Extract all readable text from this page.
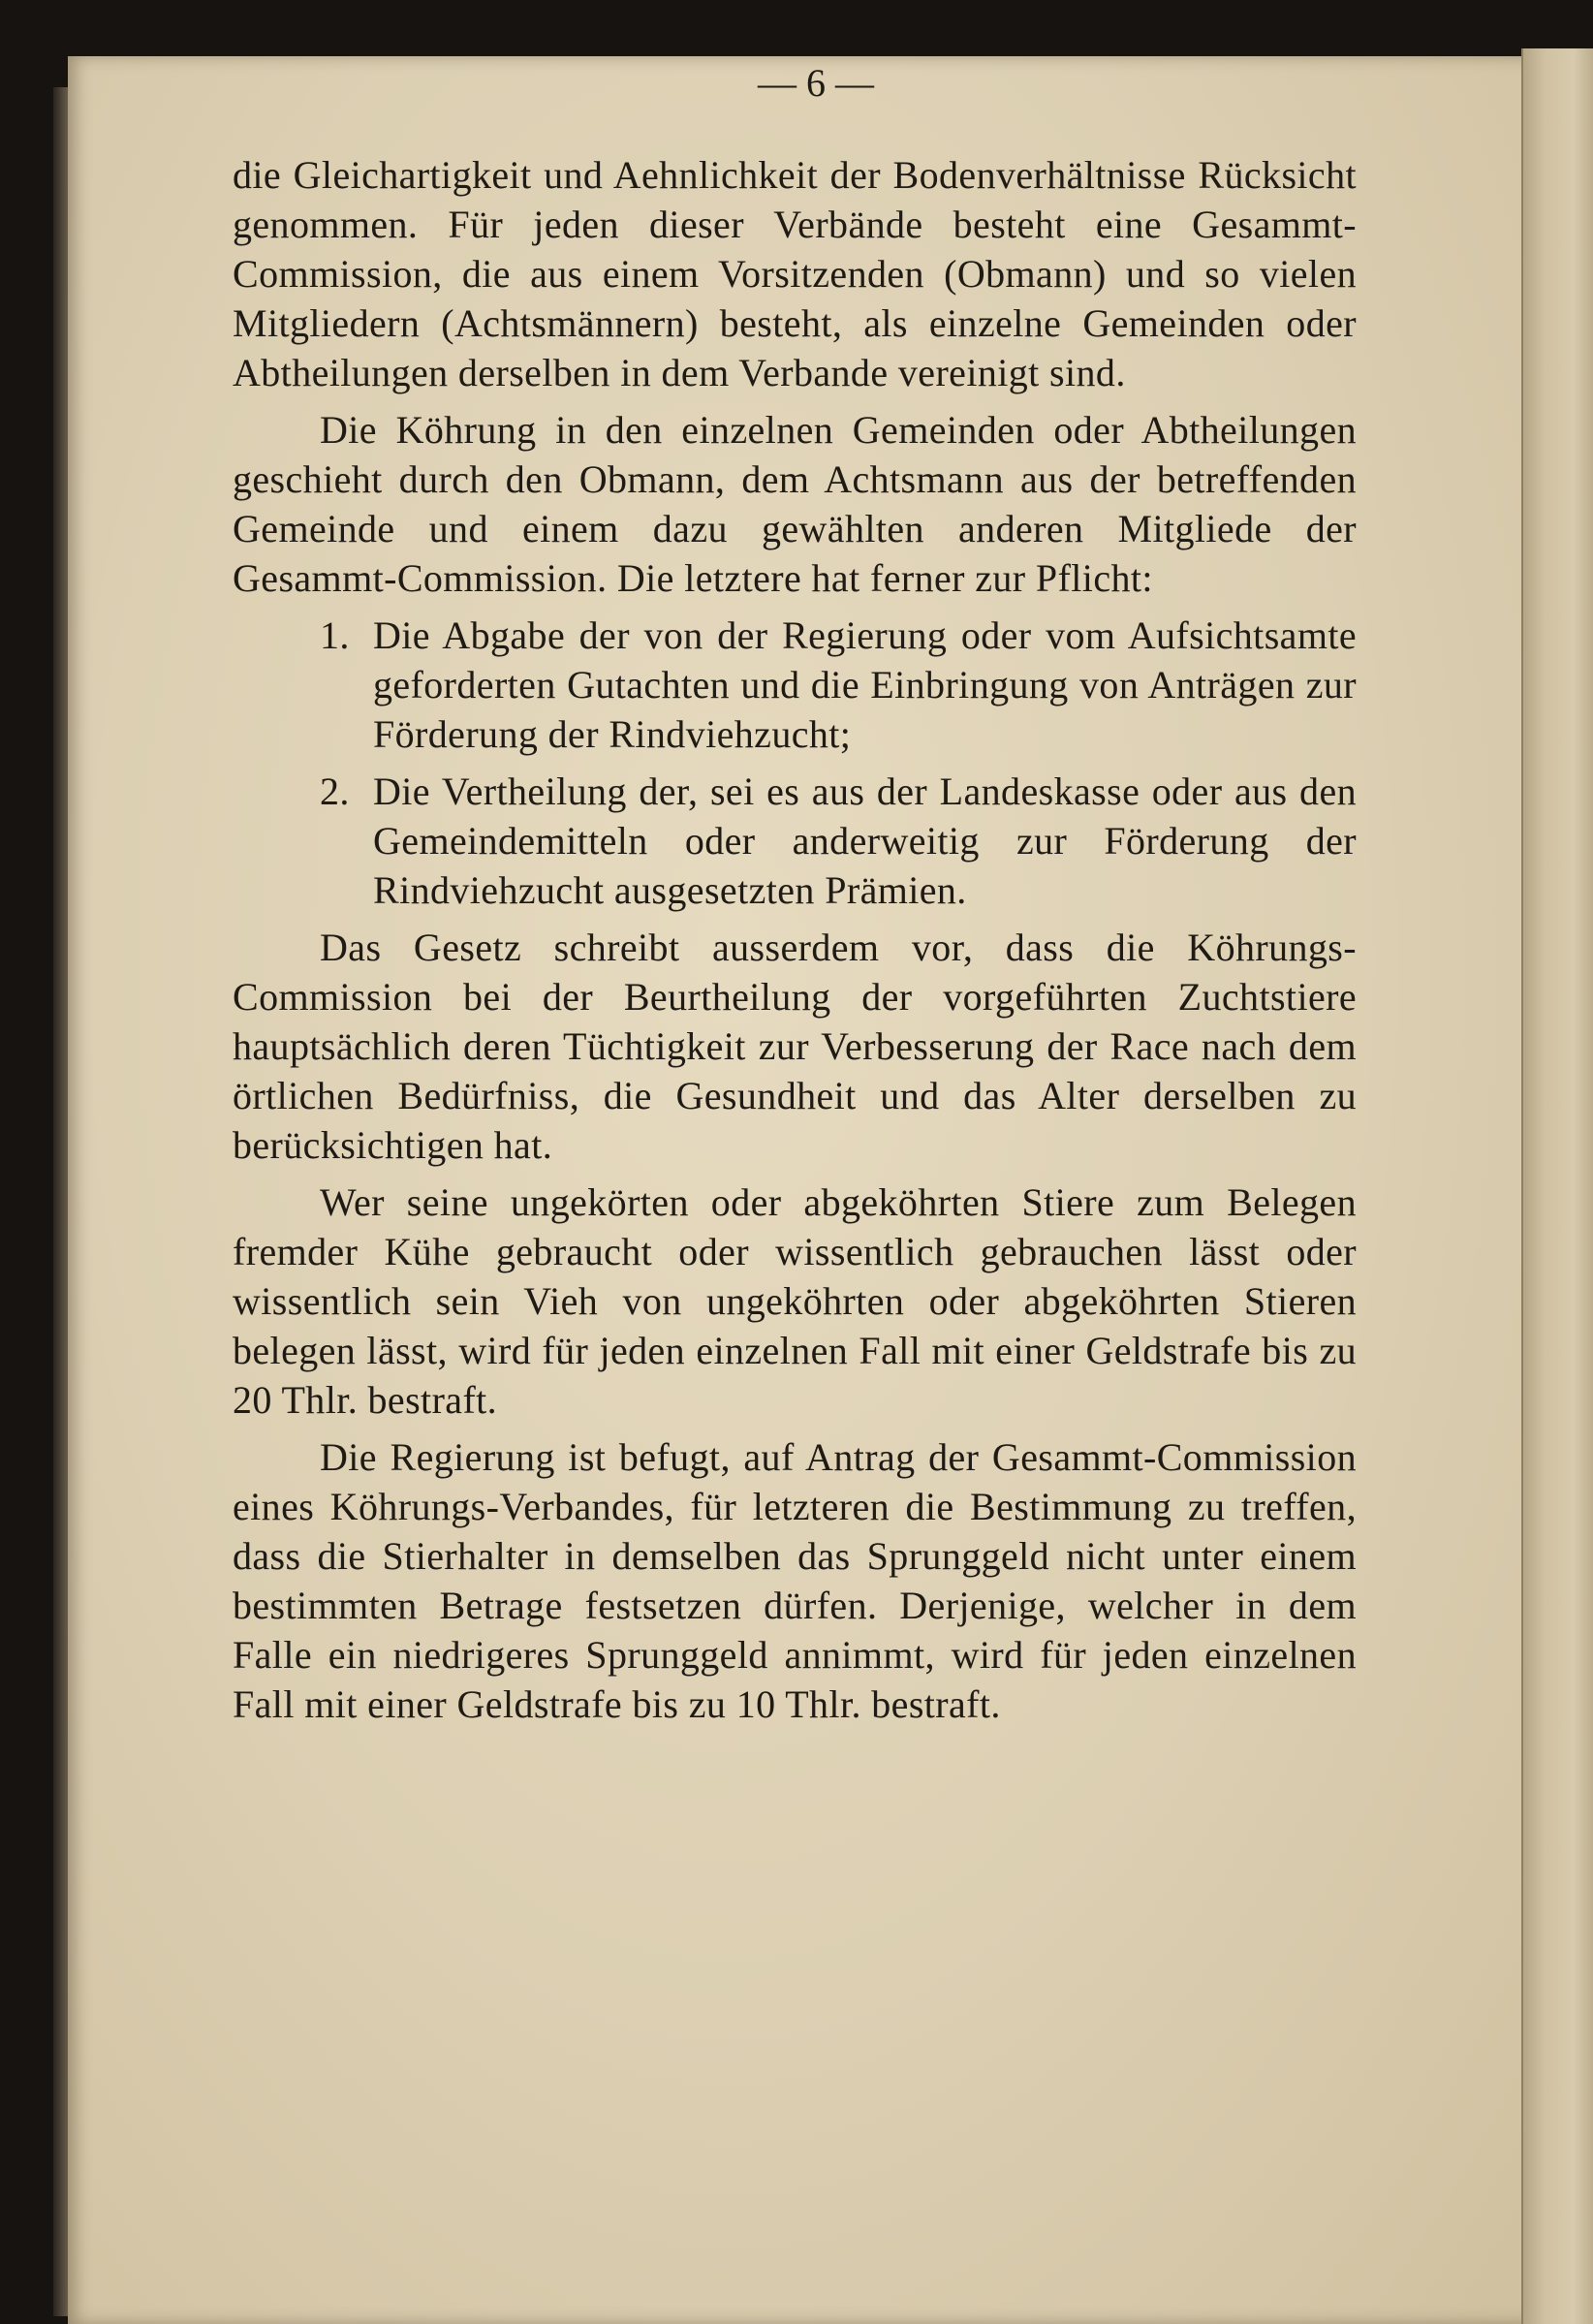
— 6 —

die Gleichartigkeit und Aehnlichkeit der Bodenverhältnisse Rücksicht genommen. Für jeden dieser Verbände besteht eine Gesammt-Commission, die aus einem Vorsitzenden (Obmann) und so vielen Mitgliedern (Achtsmännern) besteht, als einzelne Gemeinden oder Abtheilungen derselben in dem Verbande vereinigt sind.

Die Köhrung in den einzelnen Gemeinden oder Abtheilungen geschieht durch den Obmann, dem Achtsmann aus der betreffenden Gemeinde und einem dazu gewählten anderen Mitgliede der Gesammt-Commission. Die letztere hat ferner zur Pflicht:

1. Die Abgabe der von der Regierung oder vom Aufsichtsamte geforderten Gutachten und die Einbringung von Anträgen zur Förderung der Rindviehzucht;
2. Die Vertheilung der, sei es aus der Landeskasse oder aus den Gemeindemitteln oder anderweitig zur Förderung der Rindviehzucht ausgesetzten Prämien.

Das Gesetz schreibt ausserdem vor, dass die Köhrungs-Commission bei der Beurtheilung der vorgeführten Zuchtstiere hauptsächlich deren Tüchtigkeit zur Verbesserung der Race nach dem örtlichen Bedürfniss, die Gesundheit und das Alter derselben zu berücksichtigen hat.

Wer seine ungekörten oder abgeköhrten Stiere zum Belegen fremder Kühe gebraucht oder wissentlich gebrauchen lässt oder wissentlich sein Vieh von ungeköhrten oder abgeköhrten Stieren belegen lässt, wird für jeden einzelnen Fall mit einer Geldstrafe bis zu 20 Thlr. bestraft.

Die Regierung ist befugt, auf Antrag der Gesammt-Commission eines Köhrungs-Verbandes, für letzteren die Bestimmung zu treffen, dass die Stierhalter in demselben das Sprunggeld nicht unter einem bestimmten Betrage festsetzen dürfen. Derjenige, welcher in dem Falle ein niedrigeres Sprunggeld annimmt, wird für jeden einzelnen Fall mit einer Geldstrafe bis zu 10 Thlr. bestraft.
